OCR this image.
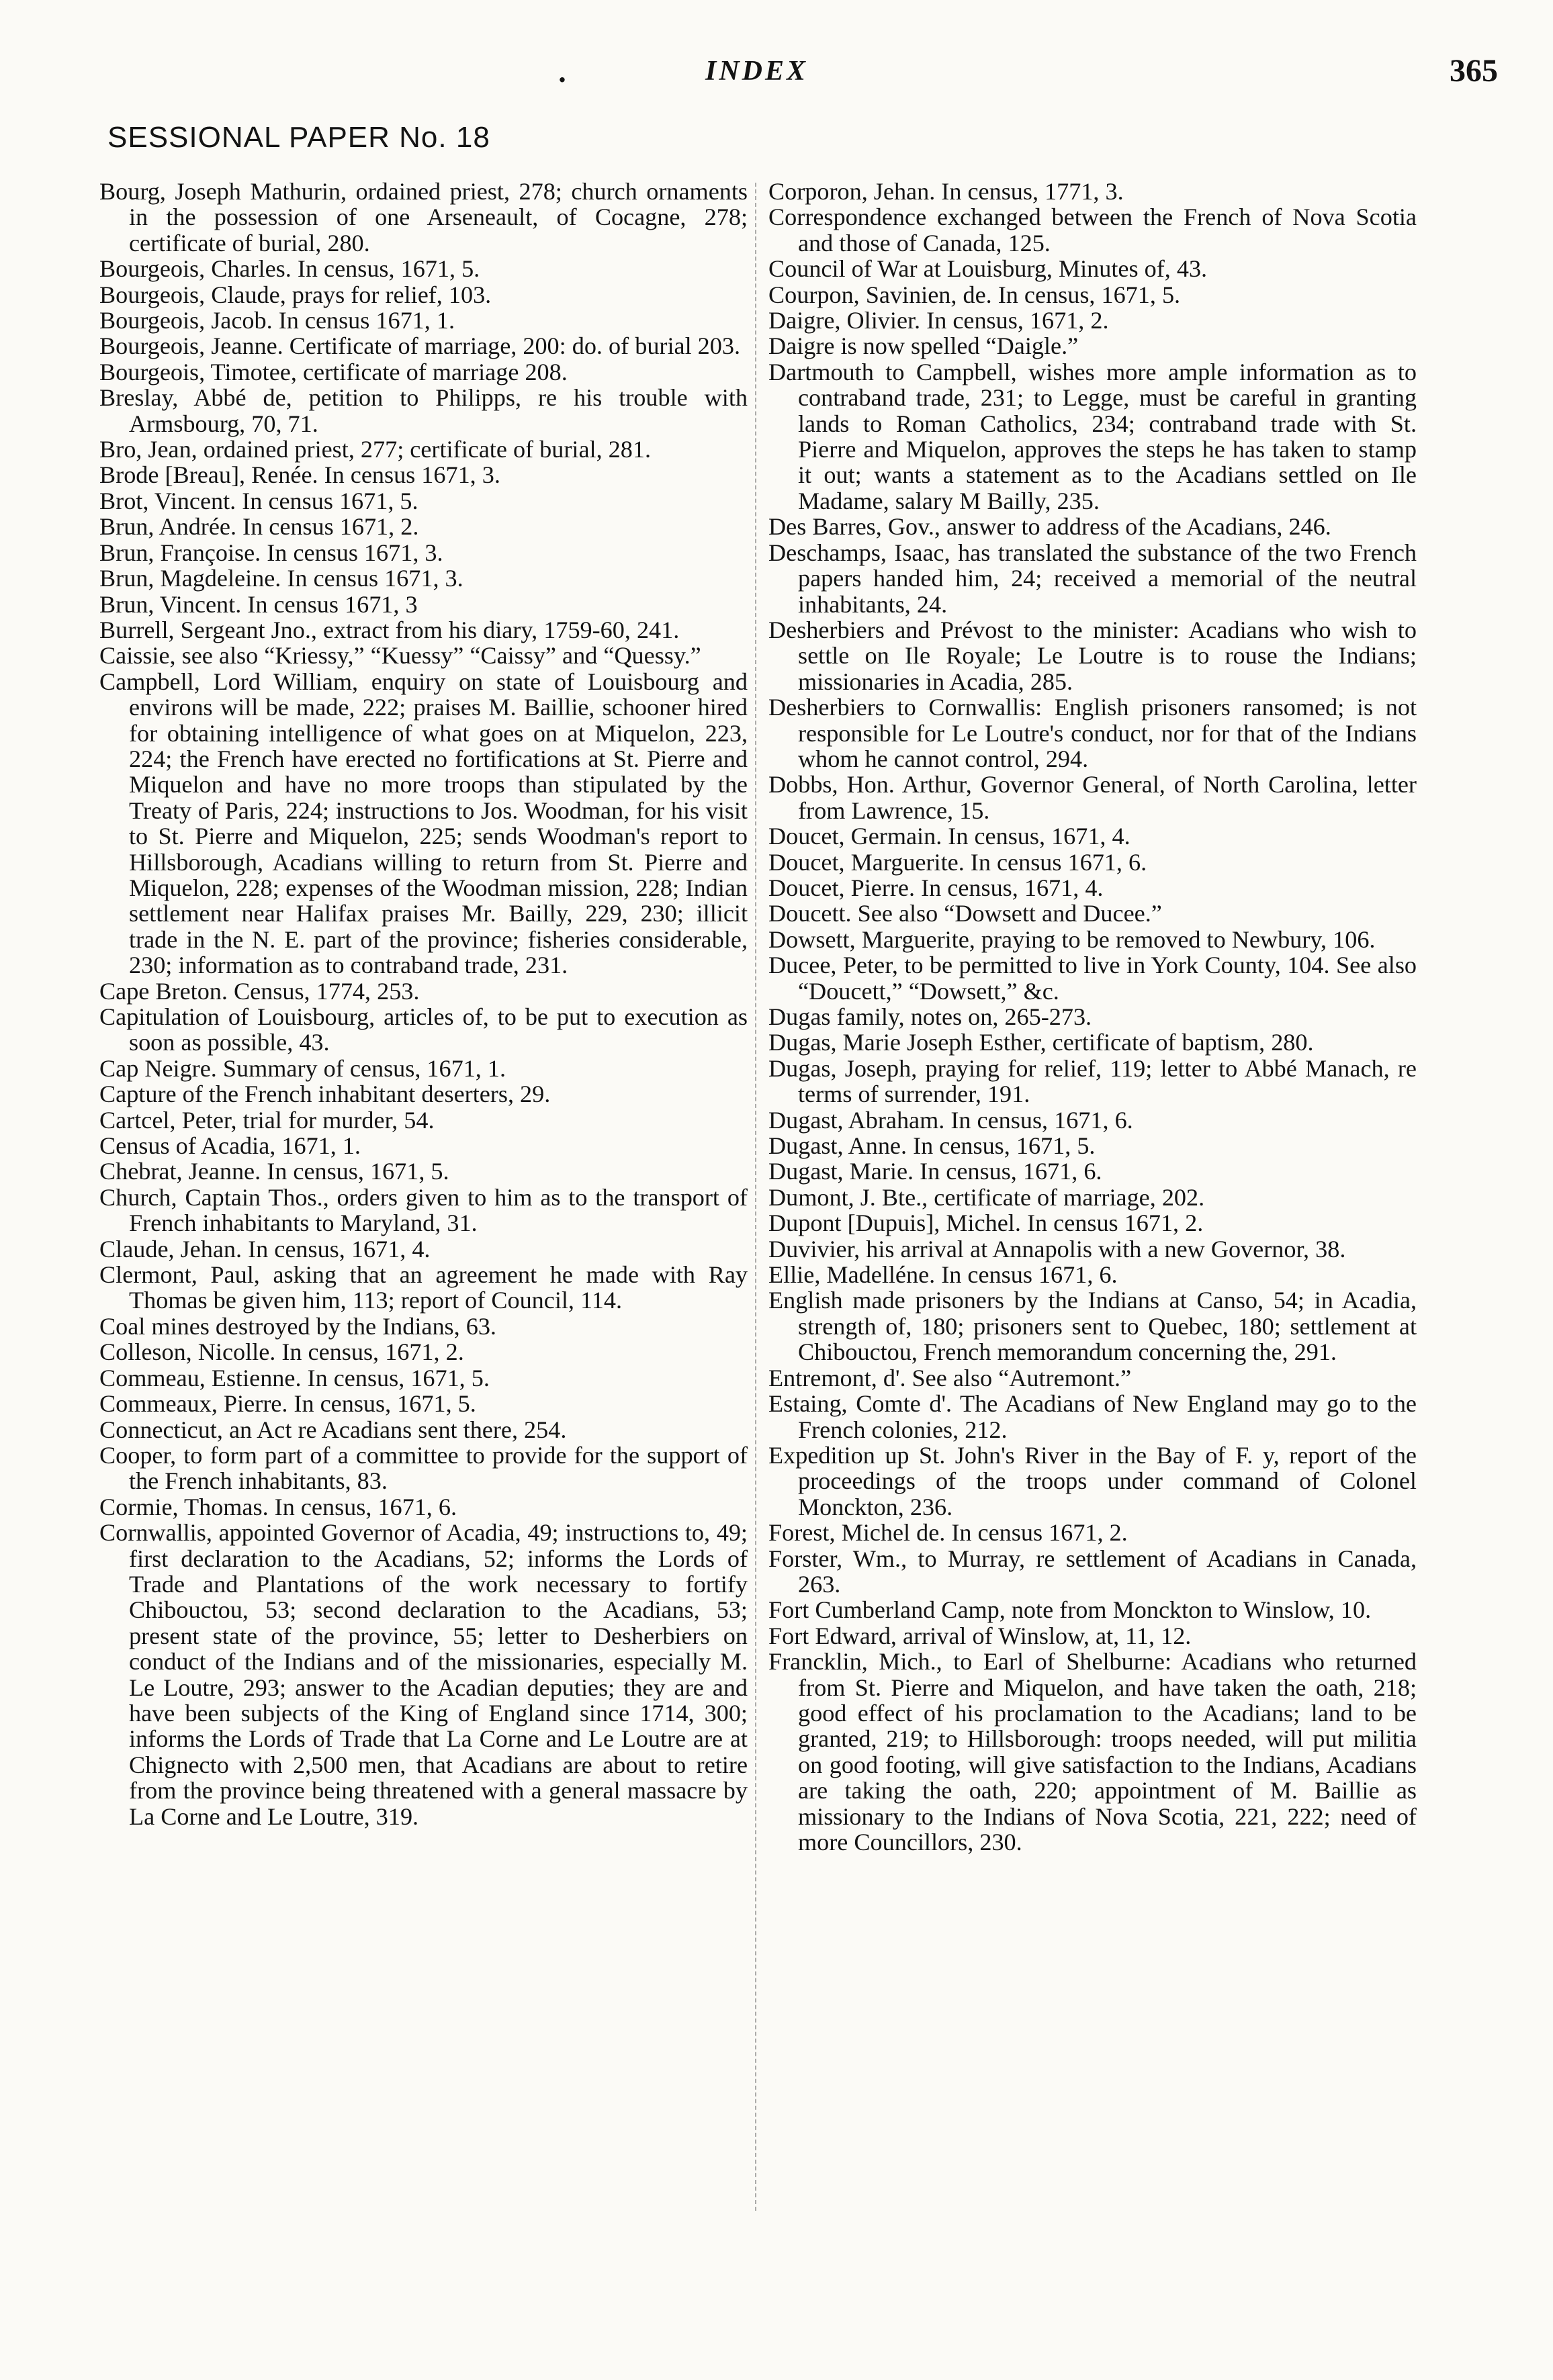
·	INDEX	365
SESSIONAL PAPER No. 18

Bourg, Joseph Mathurin, ordained priest, 278; church ornaments in the possession of one Arseneault, of Cocagne, 278; certificate of burial, 280.

Bourgeois, Charles. In census, 1671, 5.

Bourgeois, Claude, prays for relief, 103.

Bourgeois, Jacob. In census 1671, 1.

Bourgeois, Jeanne. Certificate of marriage, 200: do. of burial 203.

Bourgeois, Timotee, certificate of marriage 208.

Breslay, Abbé de, petition to Philipps, re his trouble with Armsbourg, 70, 71.

Bro, Jean, ordained priest, 277; certificate of burial, 281.

Brode [Breau], Renée. In census 1671, 3.

Brot, Vincent. In census 1671, 5.

Brun, Andrée. In census 1671, 2.

Brun, Françoise. In census 1671, 3.

Brun, Magdeleine. In census 1671, 3.

Brun, Vincent. In census 1671, 3

Burrell, Sergeant Jno., extract from his diary, 1759-60, 241.

Caissie, see also “Kriessy,” “Kuessy” “Caissy” and “Quessy.”

Campbell, Lord William, enquiry on state of Louisbourg and environs will be made, 222; praises M. Baillie, schooner hired for obtaining intelligence of what goes on at Miquelon, 223, 224; the French have erected no fortifications at St. Pierre and Miquelon and have no more troops than stipulated by the Treaty of Paris, 224; instructions to Jos. Woodman, for his visit to St. Pierre and Miquelon, 225; sends Woodman's report to Hillsborough, Acadians willing to return from St. Pierre and Miquelon, 228; expenses of the Woodman mission, 228; Indian settlement near Halifax praises Mr. Bailly, 229, 230; illicit trade in the N. E. part of the province; fisheries considerable, 230; information as to contraband trade, 231.

Cape Breton. Census, 1774, 253.

Capitulation of Louisbourg, articles of, to be put to execution as soon as possible, 43.

Cap Neigre. Summary of census, 1671, 1.

Capture of the French inhabitant deserters, 29.

Cartcel, Peter, trial for murder, 54.

Census of Acadia, 1671, 1.

Chebrat, Jeanne. In census, 1671, 5.

Church, Captain Thos., orders given to him as to the transport of French inhabitants to Maryland, 31.

Claude, Jehan. In census, 1671, 4.

Clermont, Paul, asking that an agreement he made with Ray Thomas be given him, 113; report of Council, 114.

Coal mines destroyed by the Indians, 63.

Colleson, Nicolle. In census, 1671, 2.

Commeau, Estienne. In census, 1671, 5.

Commeaux, Pierre. In census, 1671, 5.

Connecticut, an Act re Acadians sent there, 254.

Cooper, to form part of a committee to provide for the support of the French inhabitants, 83.

Cormie, Thomas. In census, 1671, 6.

Cornwallis, appointed Governor of Acadia, 49; instructions to, 49; first declaration to the Acadians, 52; informs the Lords of Trade and Plantations of the work necessary to fortify Chibouctou, 53; second declaration to the Acadians, 53; present state of the province, 55; letter to Desherbiers on conduct of the Indians and of the missionaries, especially M. Le Loutre, 293; answer to the Acadian deputies; they are and have been subjects of the King of England since 1714, 300; informs the Lords of Trade that La Corne and Le Loutre are at Chignecto with 2,500 men, that Acadians are about to retire from the province being threatened with a general massacre by La Corne and Le Loutre, 319.

Corporon, Jehan. In census, 1771, 3.

Correspondence exchanged between the French of Nova Scotia and those of Canada, 125.

Council of War at Louisburg, Minutes of, 43.

Courpon, Savinien, de. In census, 1671, 5.

Daigre, Olivier. In census, 1671, 2.

Daigre is now spelled “Daigle.”

Dartmouth to Campbell, wishes more ample information as to contraband trade, 231; to Legge, must be careful in granting lands to Roman Catholics, 234; contraband trade with St. Pierre and Miquelon, approves the steps he has taken to stamp it out; wants a statement as to the Acadians settled on Ile Madame, salary M Bailly, 235.

Des Barres, Gov., answer to address of the Acadians, 246.

Deschamps, Isaac, has translated the substance of the two French papers handed him, 24; received a memorial of the neutral inhabitants, 24.

Desherbiers and Prévost to the minister: Acadians who wish to settle on Ile Royale; Le Loutre is to rouse the Indians; missionaries in Acadia, 285.

Desherbiers to Cornwallis: English prisoners ransomed; is not responsible for Le Loutre's conduct, nor for that of the Indians whom he cannot control, 294.

Dobbs, Hon. Arthur, Governor General, of North Carolina, letter from Lawrence, 15.

Doucet, Germain. In census, 1671, 4.

Doucet, Marguerite. In census 1671, 6.

Doucet, Pierre. In census, 1671, 4.

Doucett. See also “Dowsett and Ducee.”

Dowsett, Marguerite, praying to be removed to Newbury, 106.

Ducee, Peter, to be permitted to live in York County, 104. See also “Doucett,” “Dowsett,” &c.

Dugas family, notes on, 265-273.

Dugas, Marie Joseph Esther, certificate of baptism, 280.

Dugas, Joseph, praying for relief, 119; letter to Abbé Manach, re terms of surrender, 191.

Dugast, Abraham. In census, 1671, 6.

Dugast, Anne. In census, 1671, 5.

Dugast, Marie. In census, 1671, 6.

Dumont, J. Bte., certificate of marriage, 202.

Dupont [Dupuis], Michel. In census 1671, 2.

Duvivier, his arrival at Annapolis with a new Governor, 38.

Ellie, Madelléne. In census 1671, 6.

English made prisoners by the Indians at Canso, 54; in Acadia, strength of, 180; prisoners sent to Quebec, 180; settlement at Chibouctou, French memorandum concerning the, 291.

Entremont, d'. See also “Autremont.”

Estaing, Comte d'. The Acadians of New England may go to the French colonies, 212.

Expedition up St. John's River in the Bay of F. y, report of the proceedings of the troops under command of Colonel Monckton, 236.

Forest, Michel de. In census 1671, 2.

Forster, Wm., to Murray, re settlement of Acadians in Canada, 263.

Fort Cumberland Camp, note from Monckton to Winslow, 10.

Fort Edward, arrival of Winslow, at, 11, 12.

Francklin, Mich., to Earl of Shelburne: Acadians who returned from St. Pierre and Miquelon, and have taken the oath, 218; good effect of his proclamation to the Acadians; land to be granted, 219; to Hillsborough: troops needed, will put militia on good footing, will give satisfaction to the Indians, Acadians are taking the oath, 220; appointment of M. Baillie as missionary to the Indians of Nova Scotia, 221, 222; need of more Councillors, 230.
